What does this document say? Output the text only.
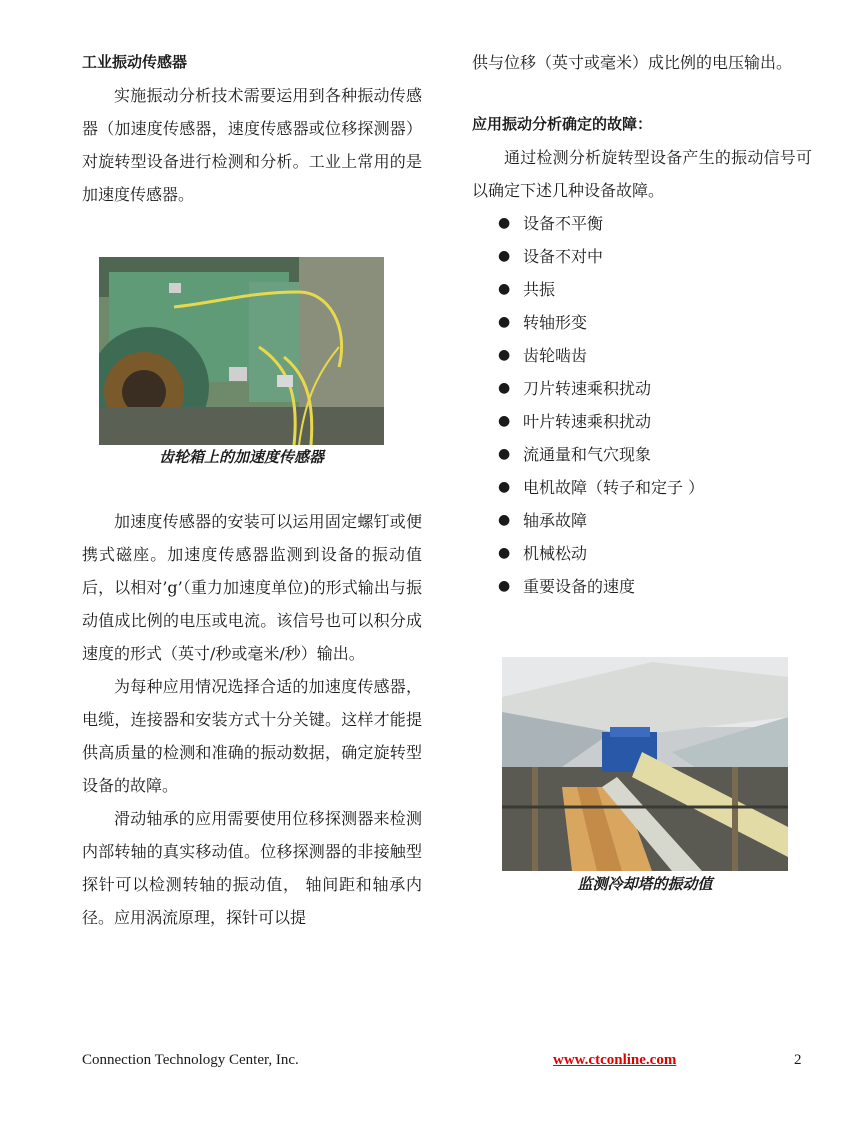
工业振动传感器

实施振动分析技术需要运用到各种振动传感器（加速度传感器，速度传感器或位移探测器）对旋转型设备进行检测和分析。工业上常用的是加速度传感器。

齿轮箱上的加速度传感器

加速度传感器的安装可以运用固定螺钉或便携式磁座。加速度传感器监测到设备的振动值后，以相对’g’（重力加速度单位)的形式输出与振动值成比例的电压或电流。该信号也可以积分成速度的形式（英寸/秒或毫米/秒）输出。

为每种应用情况选择合适的加速度传感器，电缆，连接器和安装方式十分关键。这样才能提供高质量的检测和准确的振动数据，确定旋转型设备的故障。

滑动轴承的应用需要使用位移探测器来检测内部转轴的真实移动值。位移探测器的非接触型探针可以检测转轴的振动值， 轴间距和轴承内径。应用涡流原理，探针可以提

供与位移（英寸或毫米）成比例的电压输出。

应用振动分析确定的故障：

通过检测分析旋转型设备产生的振动信号可以确定下述几种设备故障。

● 设备不平衡
● 设备不对中
● 共振
● 转轴形变
● 齿轮啮齿
● 刀片转速乘积扰动
● 叶片转速乘积扰动
● 流通量和气穴现象
● 电机故障（转子和定子 ）
● 轴承故障
● 机械松动
● 重要设备的速度
监测冷却塔的振动值
Connection Technology Center, Inc.	www.ctconline.com	2
